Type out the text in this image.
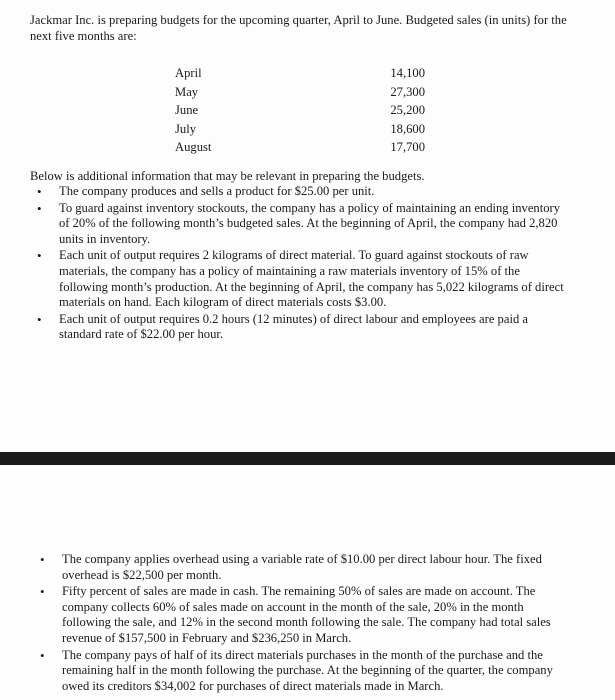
Jackmar Inc. is preparing budgets for the upcoming quarter, April to June. Budgeted sales (in units) for the next five months are:
April	14,100
May	27,300
June	25,200
July	18,600
August	17,700
Below is additional information that may be relevant in preparing the budgets.
• The company produces and sells a product for $25.00 per unit.
• To guard against inventory stockouts, the company has a policy of maintaining an ending inventory of 20% of the following month’s budgeted sales. At the beginning of April, the company had 2,820 units in inventory.
• Each unit of output requires 2 kilograms of direct material. To guard against stockouts of raw materials, the company has a policy of maintaining a raw materials inventory of 15% of the following month’s production. At the beginning of April, the company has 5,022 kilograms of direct materials on hand. Each kilogram of direct materials costs $3.00.
• Each unit of output requires 0.2 hours (12 minutes) of direct labour and employees are paid a standard rate of $22.00 per hour.
• The company applies overhead using a variable rate of $10.00 per direct labour hour. The fixed overhead is $22,500 per month.
• Fifty percent of sales are made in cash. The remaining 50% of sales are made on account. The company collects 60% of sales made on account in the month of the sale, 20% in the month following the sale, and 12% in the second month following the sale. The company had total sales revenue of $157,500 in February and $236,250 in March.
• The company pays of half of its direct materials purchases in the month of the purchase and the remaining half in the month following the purchase. At the beginning of the quarter, the company owed its creditors $34,002 for purchases of direct materials made in March.
